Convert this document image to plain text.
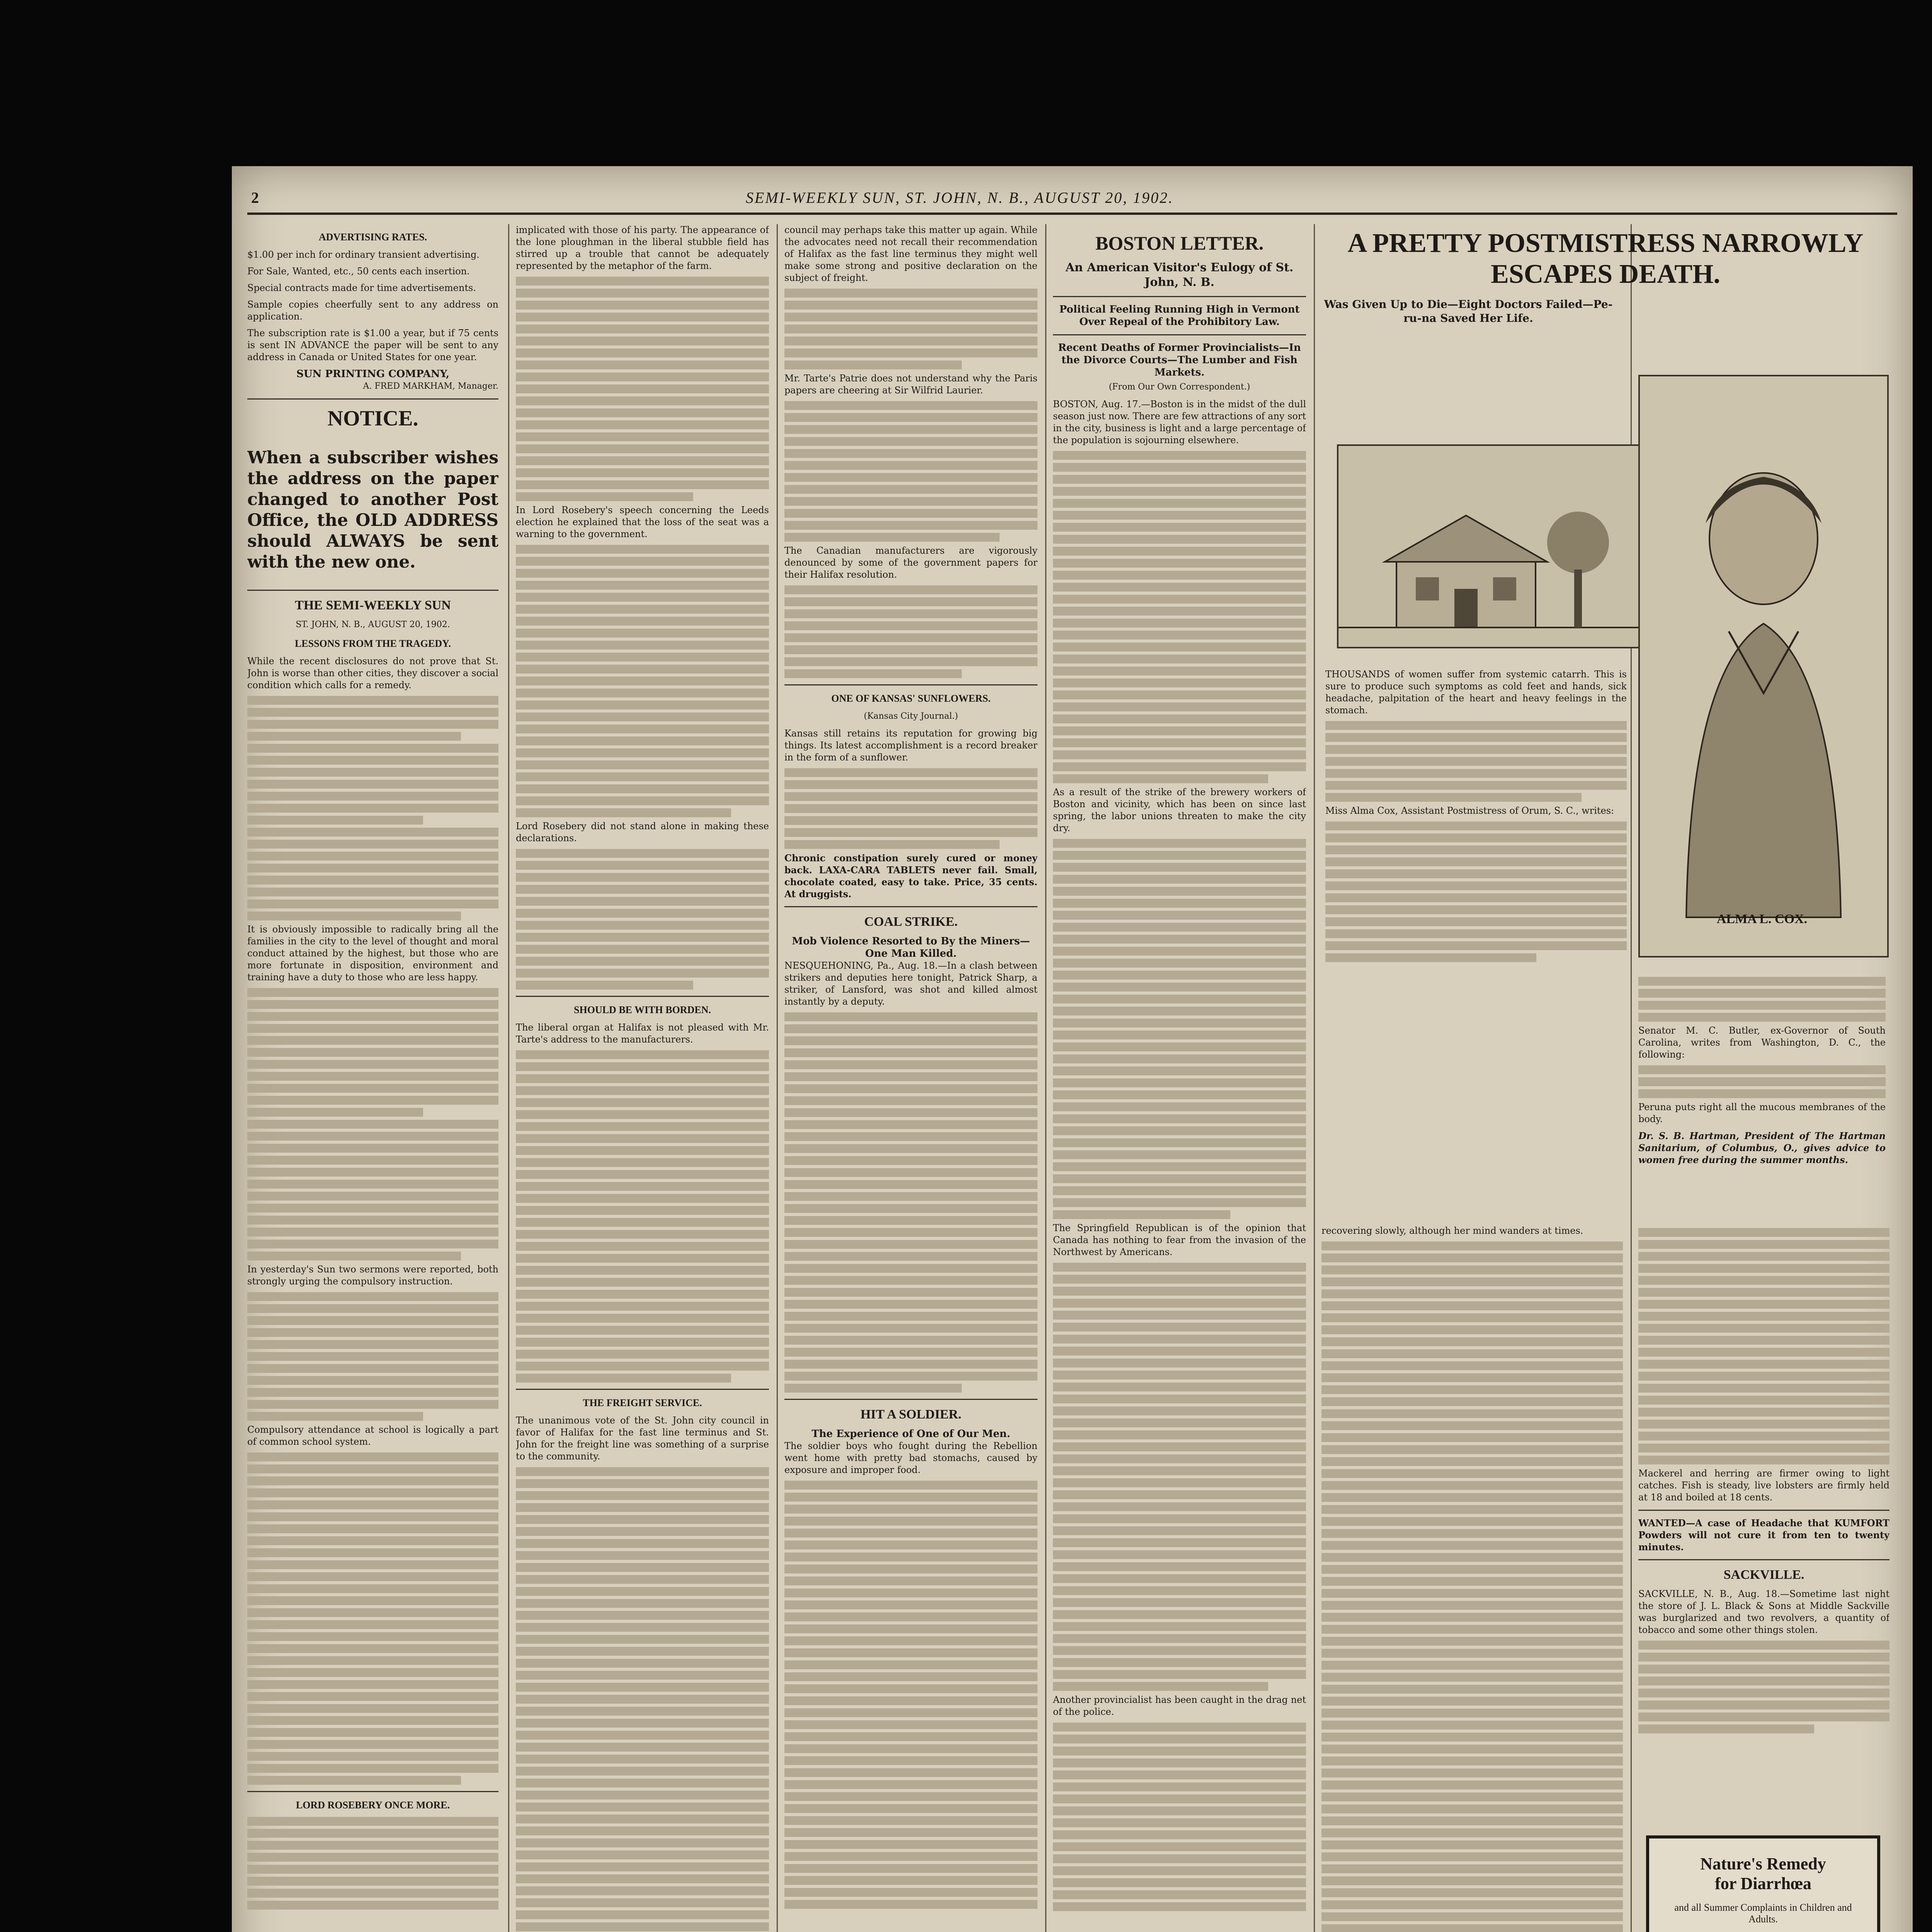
2	SEMI-WEEKLY SUN, ST. JOHN, N. B., AUGUST 20, 1902.
ADVERTISING RATES.

$1.00 per inch for ordinary transient advertising.

For Sale, Wanted, etc., 50 cents each insertion.

Special contracts made for time advertisements.

Sample copies cheerfully sent to any address on application.

The subscription rate is $1.00 a year, but if 75 cents is sent IN ADVANCE the paper will be sent to any address in Canada or United States for one year.

SUN PRINTING COMPANY,
A. FRED MARKHAM, Manager.
NOTICE.

When a subscriber wishes the address on the paper changed to another Post Office, the OLD ADDRESS should ALWAYS be sent with the new one.

THE SEMI-WEEKLY SUN
ST. JOHN, N. B., AUGUST 20, 1902.
LESSONS FROM THE TRAGEDY.

While the recent disclosures do not prove that St. John is worse than other cities, they discover a social condition which calls for a remedy.

It is obviously impossible to radically bring all the families in the city to the level of thought and moral conduct attained by the highest, but those who are more fortunate in disposition, environment and training have a duty to those who are less happy.

In yesterday's Sun two sermons were reported, both strongly urging the compulsory instruction.

Compulsory attendance at school is logically a part of common school system.

LORD ROSEBERY ONCE MORE.

implicated with those of his party. The appearance of the lone ploughman in the liberal stubble field has stirred up a trouble that cannot be adequately represented by the metaphor of the farm.

In Lord Rosebery's speech concerning the Leeds election he explained that the loss of the seat was a warning to the government.

Lord Rosebery did not stand alone in making these declarations.

SHOULD BE WITH BORDEN.

The liberal organ at Halifax is not pleased with Mr. Tarte's address to the manufacturers.

THE FREIGHT SERVICE.

The unanimous vote of the St. John city council in favor of Halifax for the fast line terminus and St. John for the freight line was something of a surprise to the community.

council may perhaps take this matter up again. While the advocates need not recall their recommendation of Halifax as the fast line terminus they might well make some strong and positive declaration on the subject of freight.

Mr. Tarte's Patrie does not understand why the Paris papers are cheering at Sir Wilfrid Laurier.

The Canadian manufacturers are vigorously denounced by some of the government papers for their Halifax resolution.

ONE OF KANSAS' SUNFLOWERS.
(Kansas City Journal.)

Kansas still retains its reputation for growing big things. Its latest accomplishment is a record breaker in the form of a sunflower.

Chronic constipation surely cured or money back. LAXA-CARA TABLETS never fail. Small, chocolate coated, easy to take. Price, 35 cents. At druggists.

COAL STRIKE.
Mob Violence Resorted to By the Miners—One Man Killed.

NESQUEHONING, Pa., Aug. 18.—In a clash between strikers and deputies here tonight, Patrick Sharp, a striker, of Lansford, was shot and killed almost instantly by a deputy.

HIT A SOLDIER.
The Experience of One of Our Men.

The soldier boys who fought during the Rebellion went home with pretty bad stomachs, caused by exposure and improper food.

BOSTON LETTER.
An American Visitor's Eulogy of St. John, N. B.
Political Feeling Running High in Vermont Over Repeal of the Prohibitory Law.
Recent Deaths of Former Provincialists—In the Divorce Courts—The Lumber and Fish Markets.
(From Our Own Correspondent.)

BOSTON, Aug. 17.—Boston is in the midst of the dull season just now. There are few attractions of any sort in the city, business is light and a large percentage of the population is sojourning elsewhere.

As a result of the strike of the brewery workers of Boston and vicinity, which has been on since last spring, the labor unions threaten to make the city dry.

The Springfield Republican is of the opinion that Canada has nothing to fear from the invasion of the Northwest by Americans.

Another provincialist has been caught in the drag net of the police.

A PRETTY POSTMISTRESS NARROWLY ESCAPES DEATH.
Was Given Up to Die—Eight Doctors Failed—Pe-ru-na Saved Her Life.
ALMA L. COX.

THOUSANDS of women suffer from systemic catarrh. This is sure to produce such symptoms as cold feet and hands, sick headache, palpitation of the heart and heavy feelings in the stomach.

Miss Alma Cox, Assistant Postmistress of Orum, S. C., writes:

Senator M. C. Butler, ex-Governor of South Carolina, writes from Washington, D. C., the following:

Peruna puts right all the mucous membranes of the body.

Dr. S. B. Hartman, President of The Hartman Sanitarium, of Columbus, O., gives advice to women free during the summer months.

recovering slowly, although her mind wanders at times.

Mackerel and herring are firmer owing to light catches. Fish is steady, live lobsters are firmly held at 18 and boiled at 18 cents.

WANTED—A case of Headache that KUMFORT Powders will not cure it from ten to twenty minutes.

SACKVILLE.

SACKVILLE, N. B., Aug. 18.—Sometime last night the store of J. L. Black & Sons at Middle Sackville was burglarized and two revolvers, a quantity of tobacco and some other things stolen.

Nature's Remedy
for Diarrhœa
and all Summer Complaints in Children and Adults.
